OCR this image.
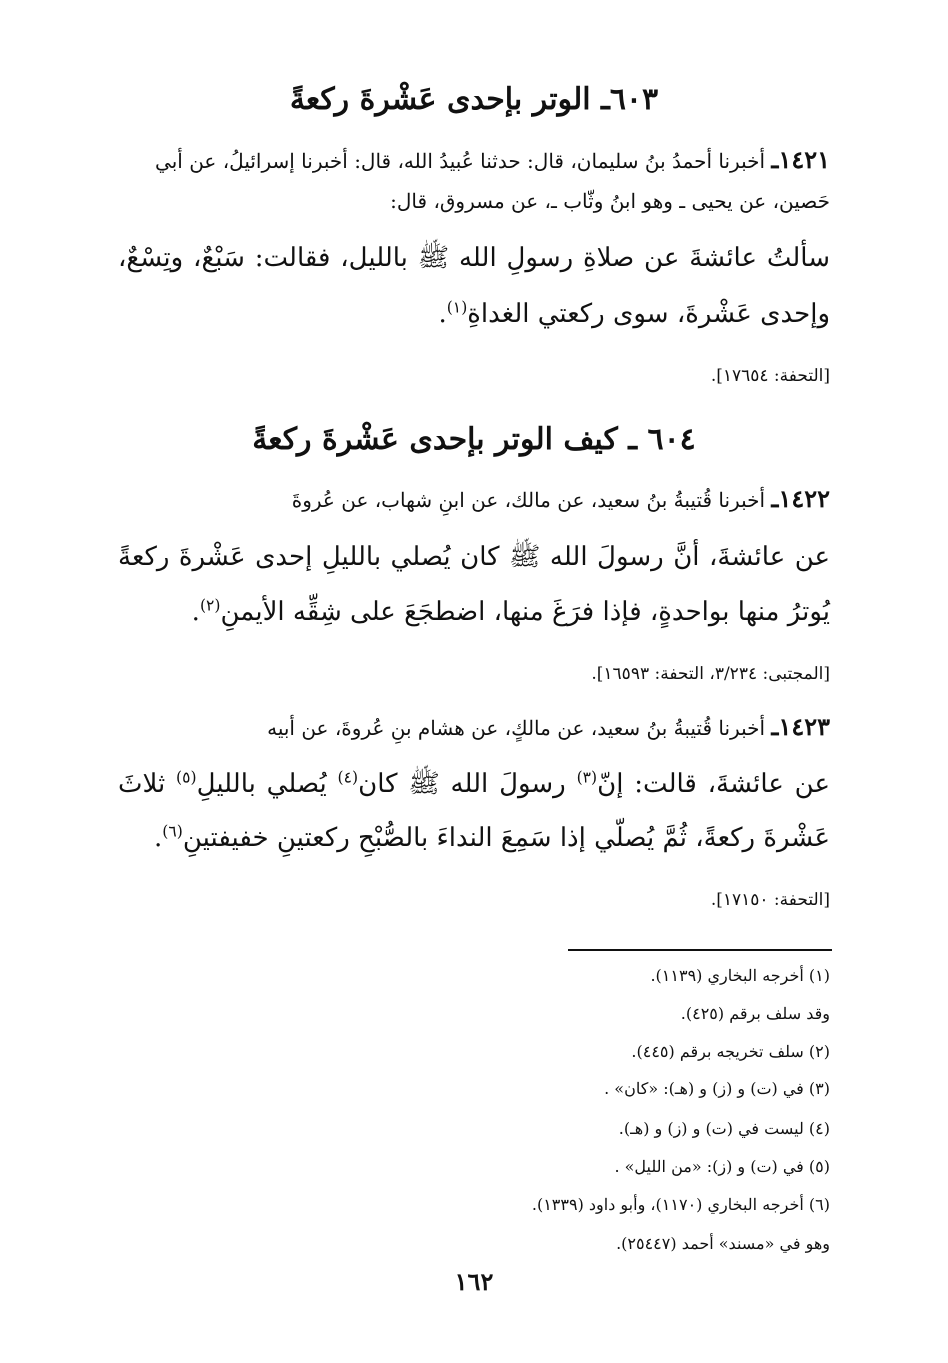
٦٠٣ـ الوتر بإحدى عَشْرةَ ركعةً
١٤٢١ـ أخبرنا أحمدُ بنُ سليمان، قال: حدثنا عُبيدُ الله، قال: أخبرنا إسرائيلُ، عن أبي
حَصين، عن يحيى ـ وهو ابنُ وثّاب ـ، عن مسروق، قال:
سألتُ عائشةَ عن صلاةِ رسولِ الله ﷺ بالليل، فقالت: سَبْعٌ، وتِسْعٌ،
وإحدى عَشْرةَ، سوى ركعتي الغداةِ$^{(١)}$.
[التحفة: ١٧٦٥٤].
٦٠٤ ـ كيف الوتر بإحدى عَشْرةَ ركعةً
١٤٢٢ـ أخبرنا قُتيبةُ بنُ سعيد، عن مالك، عن ابنِ شهاب، عن عُروةَ
عن عائشةَ، أنَّ رسولَ الله ﷺ كان يُصلي بالليلِ إحدى عَشْرةَ ركعةً
يُوترُ منها بواحدةٍ، فإذا فرَغَ منها، اضطجَعَ على شِقِّه الأيمنِ$^{(٢)}$.
[المجتبى: ٣/٢٣٤، التحفة: ١٦٥٩٣].
١٤٢٣ـ أخبرنا قُتيبةُ بنُ سعيد، عن مالكٍ، عن هشام بنِ عُروةَ، عن أبيه
عن عائشةَ، قالت: إنّ$^{(٣)}$ رسولَ الله ﷺ كان$^{(٤)}$ يُصلي بالليلِ$^{(٥)}$ ثلاثَ
عَشْرةَ ركعةً، ثُمَّ يُصلّي إذا سَمِعَ النداءَ بالصُّبْحِ ركعتينِ خفيفتينِ$^{(٦)}$.
[التحفة: ١٧١٥٠].
(١) أخرجه البخاري (١١٣٩).
وقد سلف برقم (٤٢٥).
(٢) سلف تخريجه برقم (٤٤٥).
(٣) في (ت) و (ز) و (هـ): «كان» .
(٤) ليست في (ت) و (ز) و (هـ).
(٥) في (ت) و (ز): «من الليل» .
(٦) أخرجه البخاري (١١٧٠)، وأبو داود (١٣٣٩).
وهو في «مسند» أحمد (٢٥٤٤٧).
١٦٢
